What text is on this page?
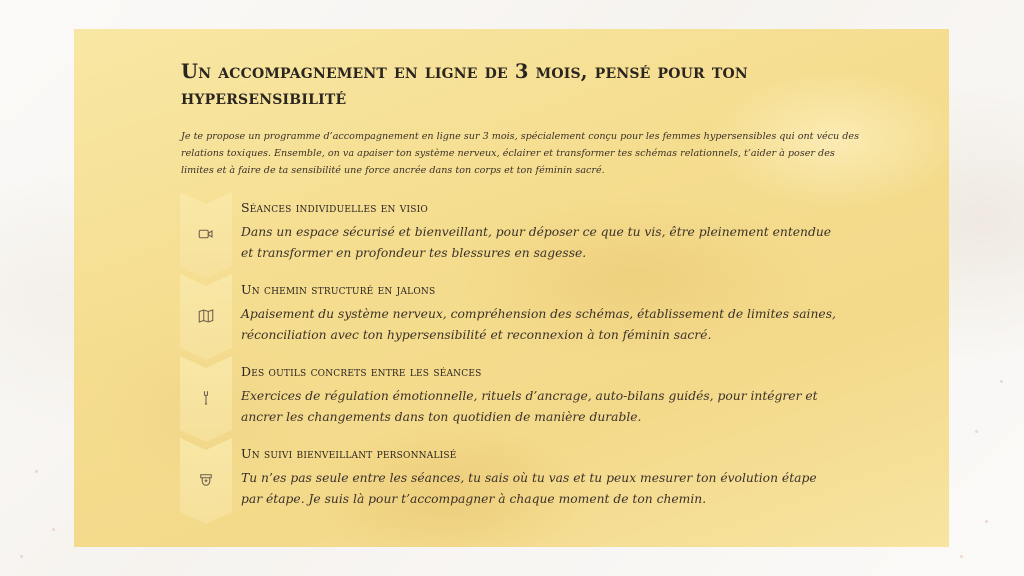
Un accompagnement en ligne de 3 mois, pensé pour ton hypersensibilité

Je te propose un programme d’accompagnement en ligne sur 3 mois, spécialement conçu pour les femmes hypersensibles qui ont vécu des relations toxiques. Ensemble, on va apaiser ton système nerveux, éclairer et transformer tes schémas relationnels, t’aider à poser des limites et à faire de ta sensibilité une force ancrée dans ton corps et ton féminin sacré.

Séances individuelles en visio
Dans un espace sécurisé et bienveillant, pour déposer ce que tu vis, être pleinement entendue et transformer en profondeur tes blessures en sagesse.
Un chemin structuré en jalons
Apaisement du système nerveux, compréhension des schémas, établissement de limites saines, réconciliation avec ton hypersensibilité et reconnexion à ton féminin sacré.
Des outils concrets entre les séances
Exercices de régulation émotionnelle, rituels d’ancrage, auto-bilans guidés, pour intégrer et ancrer les changements dans ton quotidien de manière durable.
Un suivi bienveillant personnalisé
Tu n’es pas seule entre les séances, tu sais où tu vas et tu peux mesurer ton évolution étape par étape. Je suis là pour t’accompagner à chaque moment de ton chemin.
